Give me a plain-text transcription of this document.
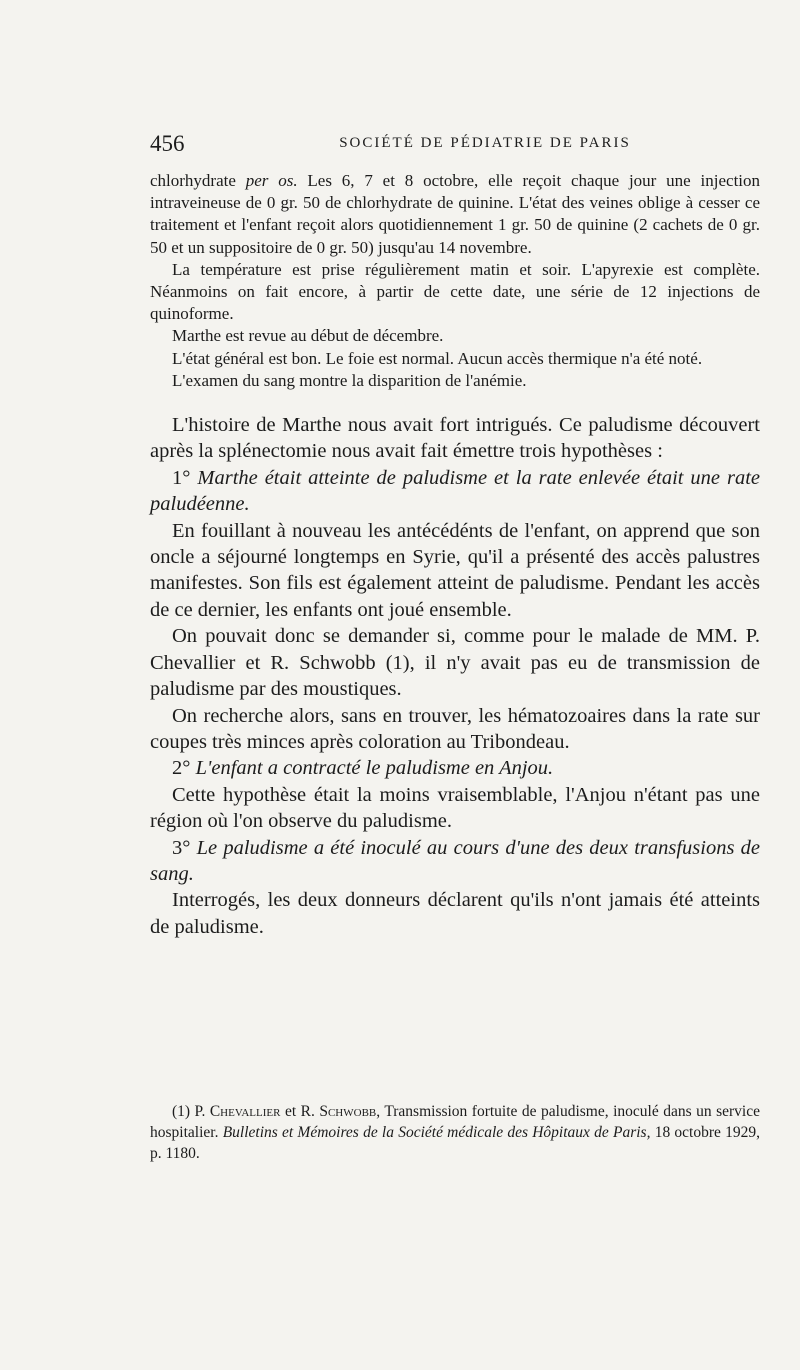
456	SOCIÉTÉ DE PÉDIATRIE DE PARIS

chlorhydrate per os. Les 6, 7 et 8 octobre, elle reçoit chaque jour une injection intraveineuse de 0 gr. 50 de chlorhydrate de quinine. L'état des veines oblige à cesser ce traitement et l'enfant reçoit alors quotidiennement 1 gr. 50 de quinine (2 cachets de 0 gr. 50 et un suppositoire de 0 gr. 50) jusqu'au 14 novembre.

La température est prise régulièrement matin et soir. L'apyrexie est complète. Néanmoins on fait encore, à partir de cette date, une série de 12 injections de quinoforme.

Marthe est revue au début de décembre.

L'état général est bon. Le foie est normal. Aucun accès thermique n'a été noté.

L'examen du sang montre la disparition de l'anémie.

L'histoire de Marthe nous avait fort intrigués. Ce paludisme découvert après la splénectomie nous avait fait émettre trois hypothèses :

1° Marthe était atteinte de paludisme et la rate enlevée était une rate paludéenne.

En fouillant à nouveau les antécédénts de l'enfant, on apprend que son oncle a séjourné longtemps en Syrie, qu'il a présenté des accès palustres manifestes. Son fils est également atteint de paludisme. Pendant les accès de ce dernier, les enfants ont joué ensemble.

On pouvait donc se demander si, comme pour le malade de MM. P. Chevallier et R. Schwobb (1), il n'y avait pas eu de transmission de paludisme par des moustiques.

On recherche alors, sans en trouver, les hématozoaires dans la rate sur coupes très minces après coloration au Tribondeau.

2° L'enfant a contracté le paludisme en Anjou.

Cette hypothèse était la moins vraisemblable, l'Anjou n'étant pas une région où l'on observe du paludisme.

3° Le paludisme a été inoculé au cours d'une des deux transfusions de sang.

Interrogés, les deux donneurs déclarent qu'ils n'ont jamais été atteints de paludisme.

(1) P. Chevallier et R. Schwobb, Transmission fortuite de paludisme, inoculé dans un service hospitalier. Bulletins et Mémoires de la Société médicale des Hôpitaux de Paris, 18 octobre 1929, p. 1180.
